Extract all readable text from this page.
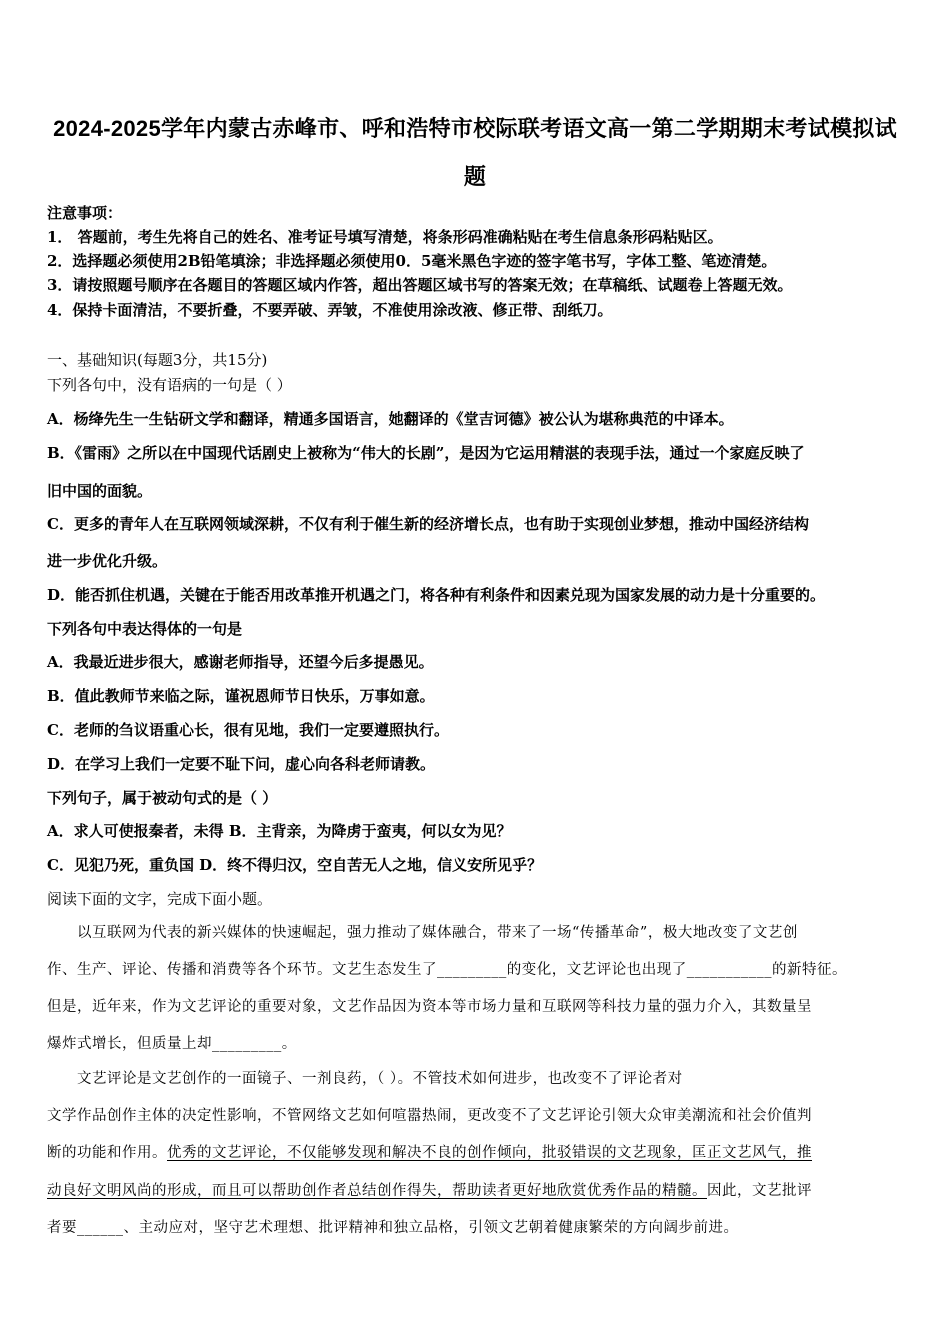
2024-2025学年内蒙古赤峰市、呼和浩特市校际联考语文高一第二学期期末考试模拟试
题
注意事项：
1． 答题前，考生先将自己的姓名、准考证号填写清楚，将条形码准确粘贴在考生信息条形码粘贴区。
2．选择题必须使用2B铅笔填涂；非选择题必须使用0．5毫米黑色字迹的签字笔书写，字体工整、笔迹清楚。
3．请按照题号顺序在各题目的答题区域内作答，超出答题区域书写的答案无效；在草稿纸、试题卷上答题无效。
4．保持卡面清洁，不要折叠，不要弄破、弄皱，不准使用涂改液、修正带、刮纸刀。
一、基础知识(每题3分，共15分)
下列各句中，没有语病的一句是（ ）
A．杨绛先生一生钻研文学和翻译，精通多国语言，她翻译的《堂吉诃德》被公认为堪称典范的中译本。
B．《雷雨》之所以在中国现代话剧史上被称为“伟大的长剧”，是因为它运用精湛的表现手法，通过一个家庭反映了
旧中国的面貌。
C．更多的青年人在互联网领域深耕，不仅有利于催生新的经济增长点，也有助于实现创业梦想，推动中国经济结构
进一步优化升级。
D．能否抓住机遇，关键在于能否用改革推开机遇之门，将各种有利条件和因素兑现为国家发展的动力是十分重要的。
下列各句中表达得体的一句是
A．我最近进步很大，感谢老师指导，还望今后多提愚见。
B．值此教师节来临之际，谨祝恩师节日快乐，万事如意。
C．老师的刍议语重心长，很有见地，我们一定要遵照执行。
D．在学习上我们一定要不耻下问，虚心向各科老师请教。
下列句子，属于被动句式的是（ ）
A．求人可使报秦者，未得 B．主背亲，为降虏于蛮夷，何以女为见？
C．见犯乃死，重负国 D．终不得归汉，空自苦无人之地，信义安所见乎？
阅读下面的文字，完成下面小题。
以互联网为代表的新兴媒体的快速崛起，强力推动了媒体融合，带来了一场“传播革命”，极大地改变了文艺创
作、生产、评论、传播和消费等各个环节。文艺生态发生了_________的变化，文艺评论也出现了___________的新特征。
但是，近年来，作为文艺评论的重要对象，文艺作品因为资本等市场力量和互联网等科技力量的强力介入，其数量呈
爆炸式增长，但质量上却_________。
文艺评论是文艺创作的一面镜子、一剂良药，（ ）。不管技术如何进步，也改变不了评论者对
文学作品创作主体的决定性影响，不管网络文艺如何喧嚣热闹，更改变不了文艺评论引领大众审美潮流和社会价值判
断的功能和作用。优秀的文艺评论，不仅能够发现和解决不良的创作倾向，批驳错误的文艺现象，匡正文艺风气，推
动良好文明风尚的形成，而且可以帮助创作者总结创作得失，帮助读者更好地欣赏优秀作品的精髓。因此，文艺批评
者要______、主动应对，坚守艺术理想、批评精神和独立品格，引领文艺朝着健康繁荣的方向阔步前进。
